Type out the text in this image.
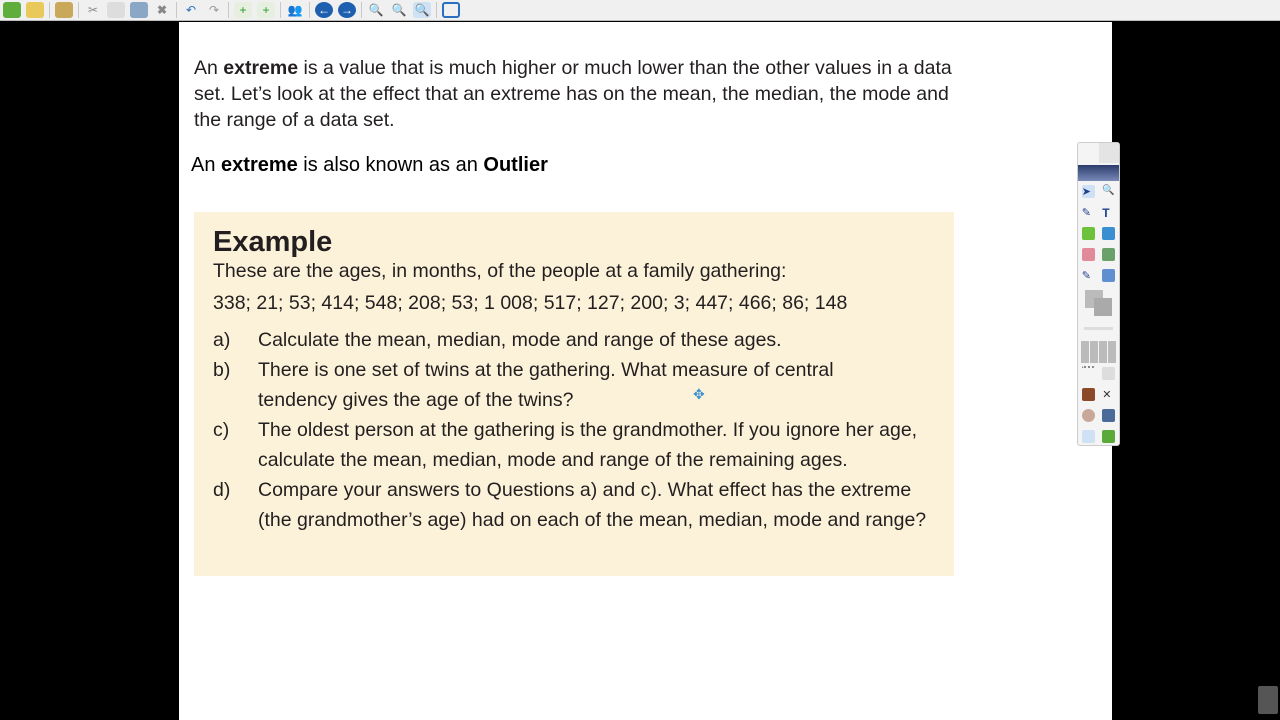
✂	✖	↶	↷	+	+	👥 ← → 🔍 🔍 🔍
An extreme is a value that is much higher or much lower than the other values in a data set. Let’s look at the effect that an extreme has on the mean, the median, the mode and the range of a data set.
An extreme is also known as an Outlier
Example
These are the ages, in months, of the people at a family gathering:
338; 21; 53; 414; 548; 208; 53; 1 008; 517; 127; 200; 3; 447; 466; 86; 148
a)	Calculate the mean, median, mode and range of these ages.
b)	There is one set of twins at the gathering. What measure of central tendency gives the age of the twins?
c)	The oldest person at the gathering is the grandmother. If you ignore her age, calculate the mean, median, mode and range of the remaining ages.
d)	Compare your answers to Questions a) and c). What effect has the extreme (the grandmother’s age) had on each of the mean, median, mode and range?
✥
➤	🔍
✎ T
✎
✕
